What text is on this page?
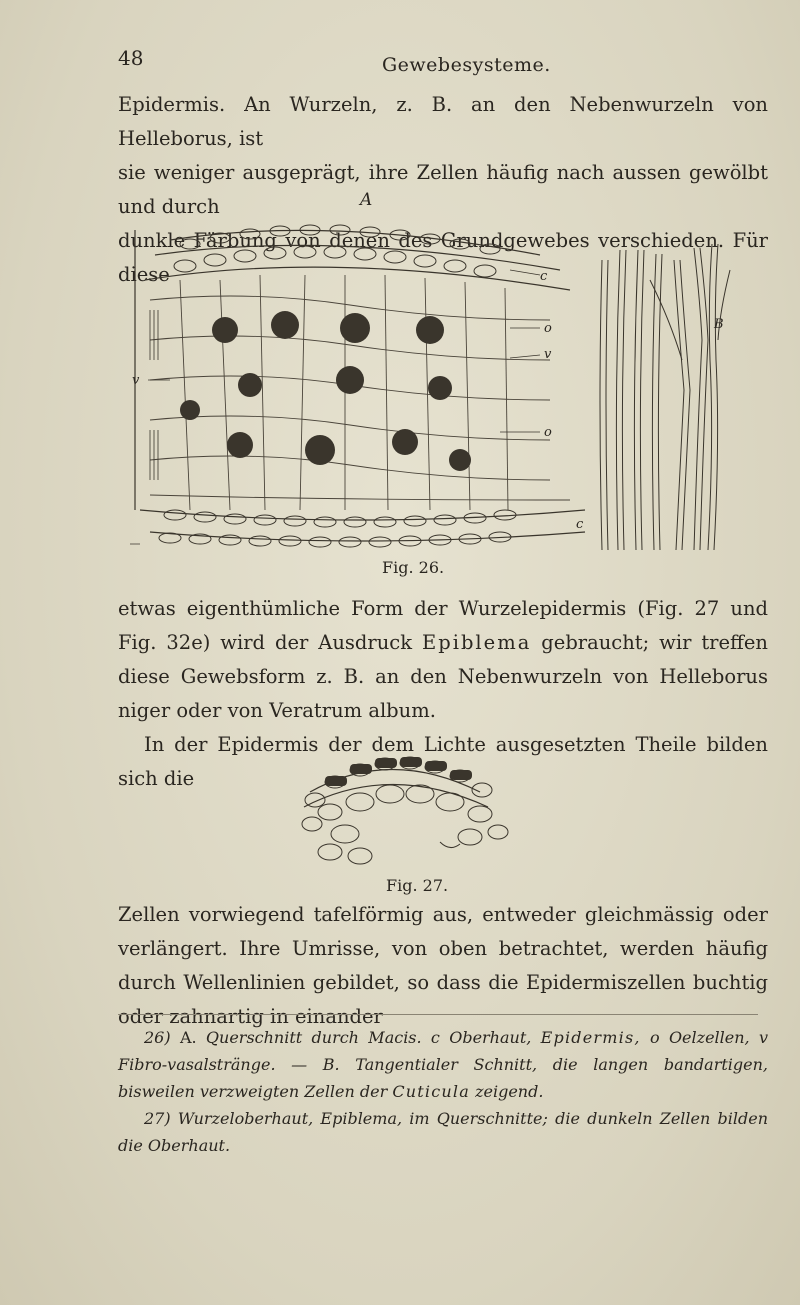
48	Gewebesysteme.
Epidermis. An Wurzeln, z. B. an den Nebenwurzeln von Helleborus, ist
sie weniger ausgeprägt, ihre Zellen häufig nach aussen gewölbt und durch
dunkle Färbung von denen des Grundgewebes verschieden. Für diese
A
c
o
v
v
o
c
B
Fig. 26.
etwas eigenthümliche Form der Wurzelepidermis (Fig. 27 und Fig. 32e) wird der Ausdruck Epiblema gebraucht; wir treffen diese Gewebsform z. B. an den Nebenwurzeln von Helleborus niger oder von Veratrum album.
In der Epidermis der dem Lichte ausgesetzten Theile bilden sich die
Fig. 27.
Zellen vorwiegend tafelförmig aus, entweder gleichmässig oder verlängert. Ihre Umrisse, von oben betrachtet, werden häufig durch Wellenlinien gebildet, so dass die Epidermiszellen buchtig oder zahnartig in einander

26) A. Querschnitt durch Macis. c Oberhaut, Epidermis, o Oelzellen, v Fibro-vasalstränge. — B. Tangentialer Schnitt, die langen bandartigen, bisweilen verzweigten Zellen der Cuticula zeigend.

27) Wurzeloberhaut, Epiblema, im Querschnitte; die dunkeln Zellen bilden die Oberhaut.
